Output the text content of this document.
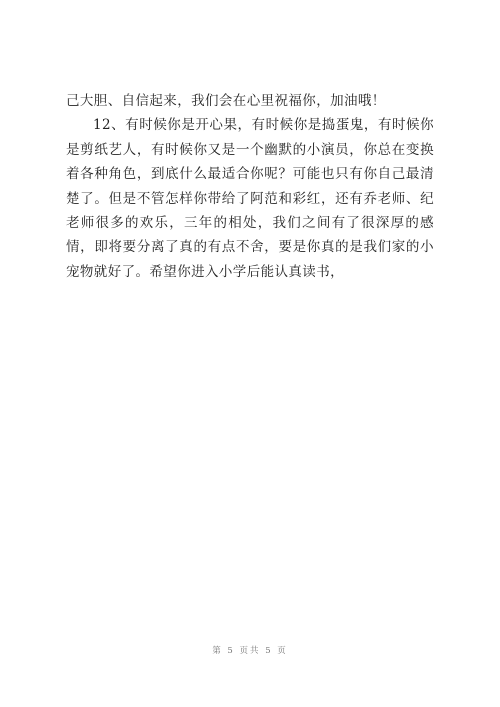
己大胆、自信起来，我们会在心里祝福你，加油哦！

12、有时候你是开心果，有时候你是捣蛋鬼，有时候你是剪纸艺人，有时候你又是一个幽默的小演员，你总在变换着各种角色，到底什么最适合你呢？可能也只有你自己最清楚了。但是不管怎样你带给了阿范和彩红，还有乔老师、纪老师很多的欢乐，三年的相处，我们之间有了很深厚的感情，即将要分离了真的有点不舍，要是你真的是我们家的小宠物就好了。希望你进入小学后能认真读书，

第 5 页共 5 页
